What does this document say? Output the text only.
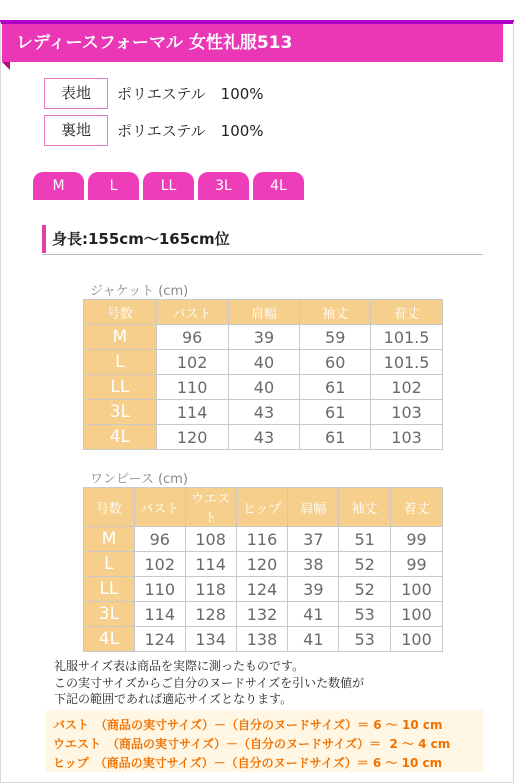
レディースフォーマル 女性礼服513
表地	ポリエステル　100%
裏地	ポリエステル　100%
M	L	LL	3L	4L
身長:155cm〜165cm位
ジャケット (cm)
号数	バスト	肩幅	袖丈	着丈
M	96	39	59	101.5
L	102	40	60	101.5
LL	110	40	61	102
3L	114	43	61	103
4L	120	43	61	103
ワンピース (cm)
号数	バスト	ウエスト	ヒップ	肩幅	袖丈	着丈
M	96	108	116	37	51	99
L	102	114	120	38	52	99
LL	110	118	124	39	52	100
3L	114	128	132	41	53	100
4L	124	134	138	41	53	100
礼服サイズ表は商品を実際に測ったものです。
この実寸サイズからご自分のヌードサイズを引いた数値が
下記の範囲であれば適応サイズとなります。
バスト　（商品の実寸サイズ）－（自分のヌードサイズ）＝ 6 〜 10 cm
ウエスト　（商品の実寸サイズ）－（自分のヌードサイズ）＝  2 〜 4 cm
ヒップ　（商品の実寸サイズ）－（自分のヌードサイズ）＝ 6 〜 10 cm
